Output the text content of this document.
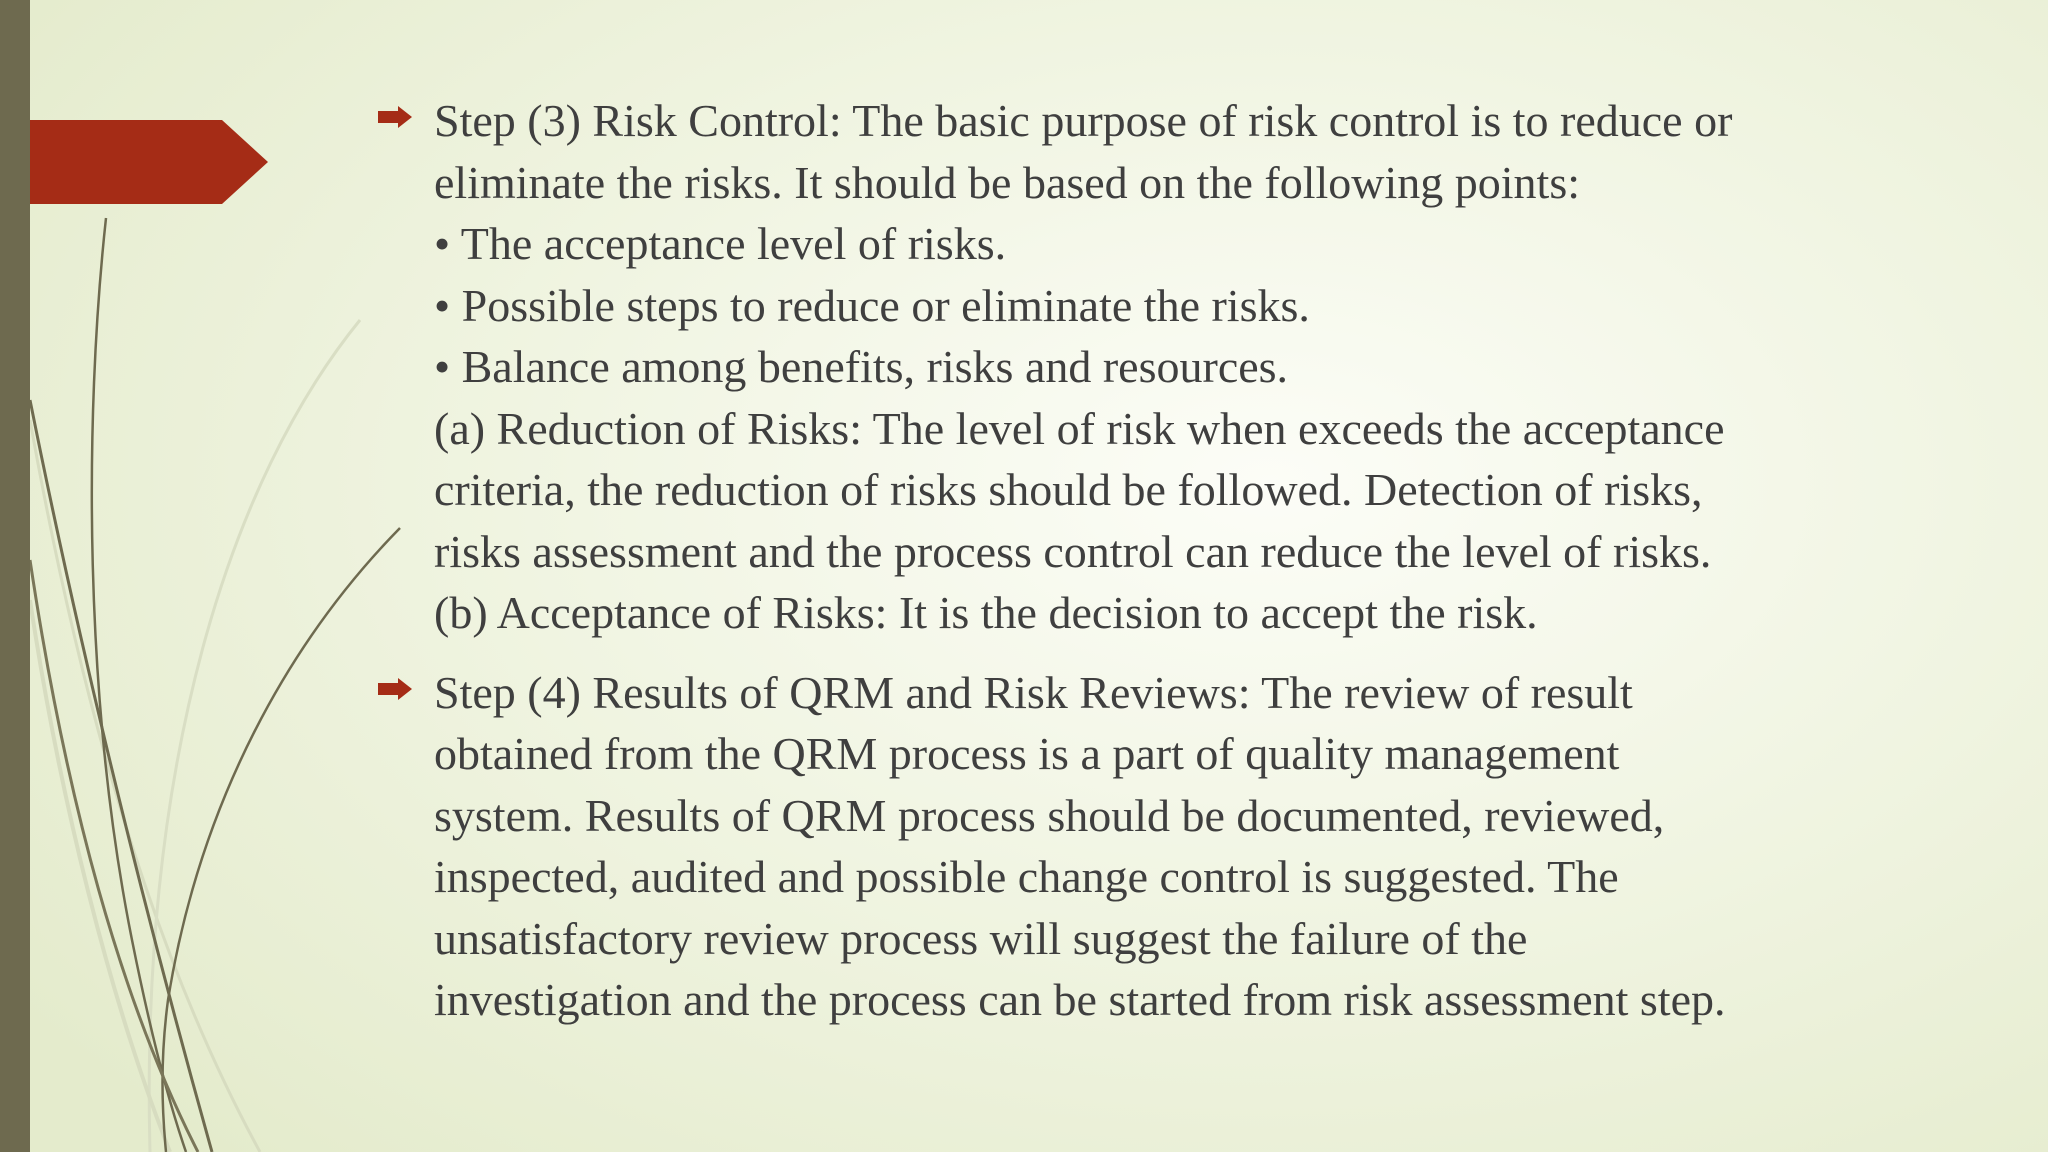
Step (3) Risk Control: The basic purpose of risk control is to reduce or
eliminate the risks. It should be based on the following points:
• The acceptance level of risks.
• Possible steps to reduce or eliminate the risks.
• Balance among benefits, risks and resources.
(a) Reduction of Risks: The level of risk when exceeds the acceptance
criteria, the reduction of risks should be followed. Detection of risks,
risks assessment and the process control can reduce the level of risks.
(b) Acceptance of Risks: It is the decision to accept the risk.
Step (4) Results of QRM and Risk Reviews: The review of result
obtained from the QRM process is a part of quality management
system. Results of QRM process should be documented, reviewed,
inspected, audited and possible change control is suggested. The
unsatisfactory review process will suggest the failure of the
investigation and the process can be started from risk assessment step.
